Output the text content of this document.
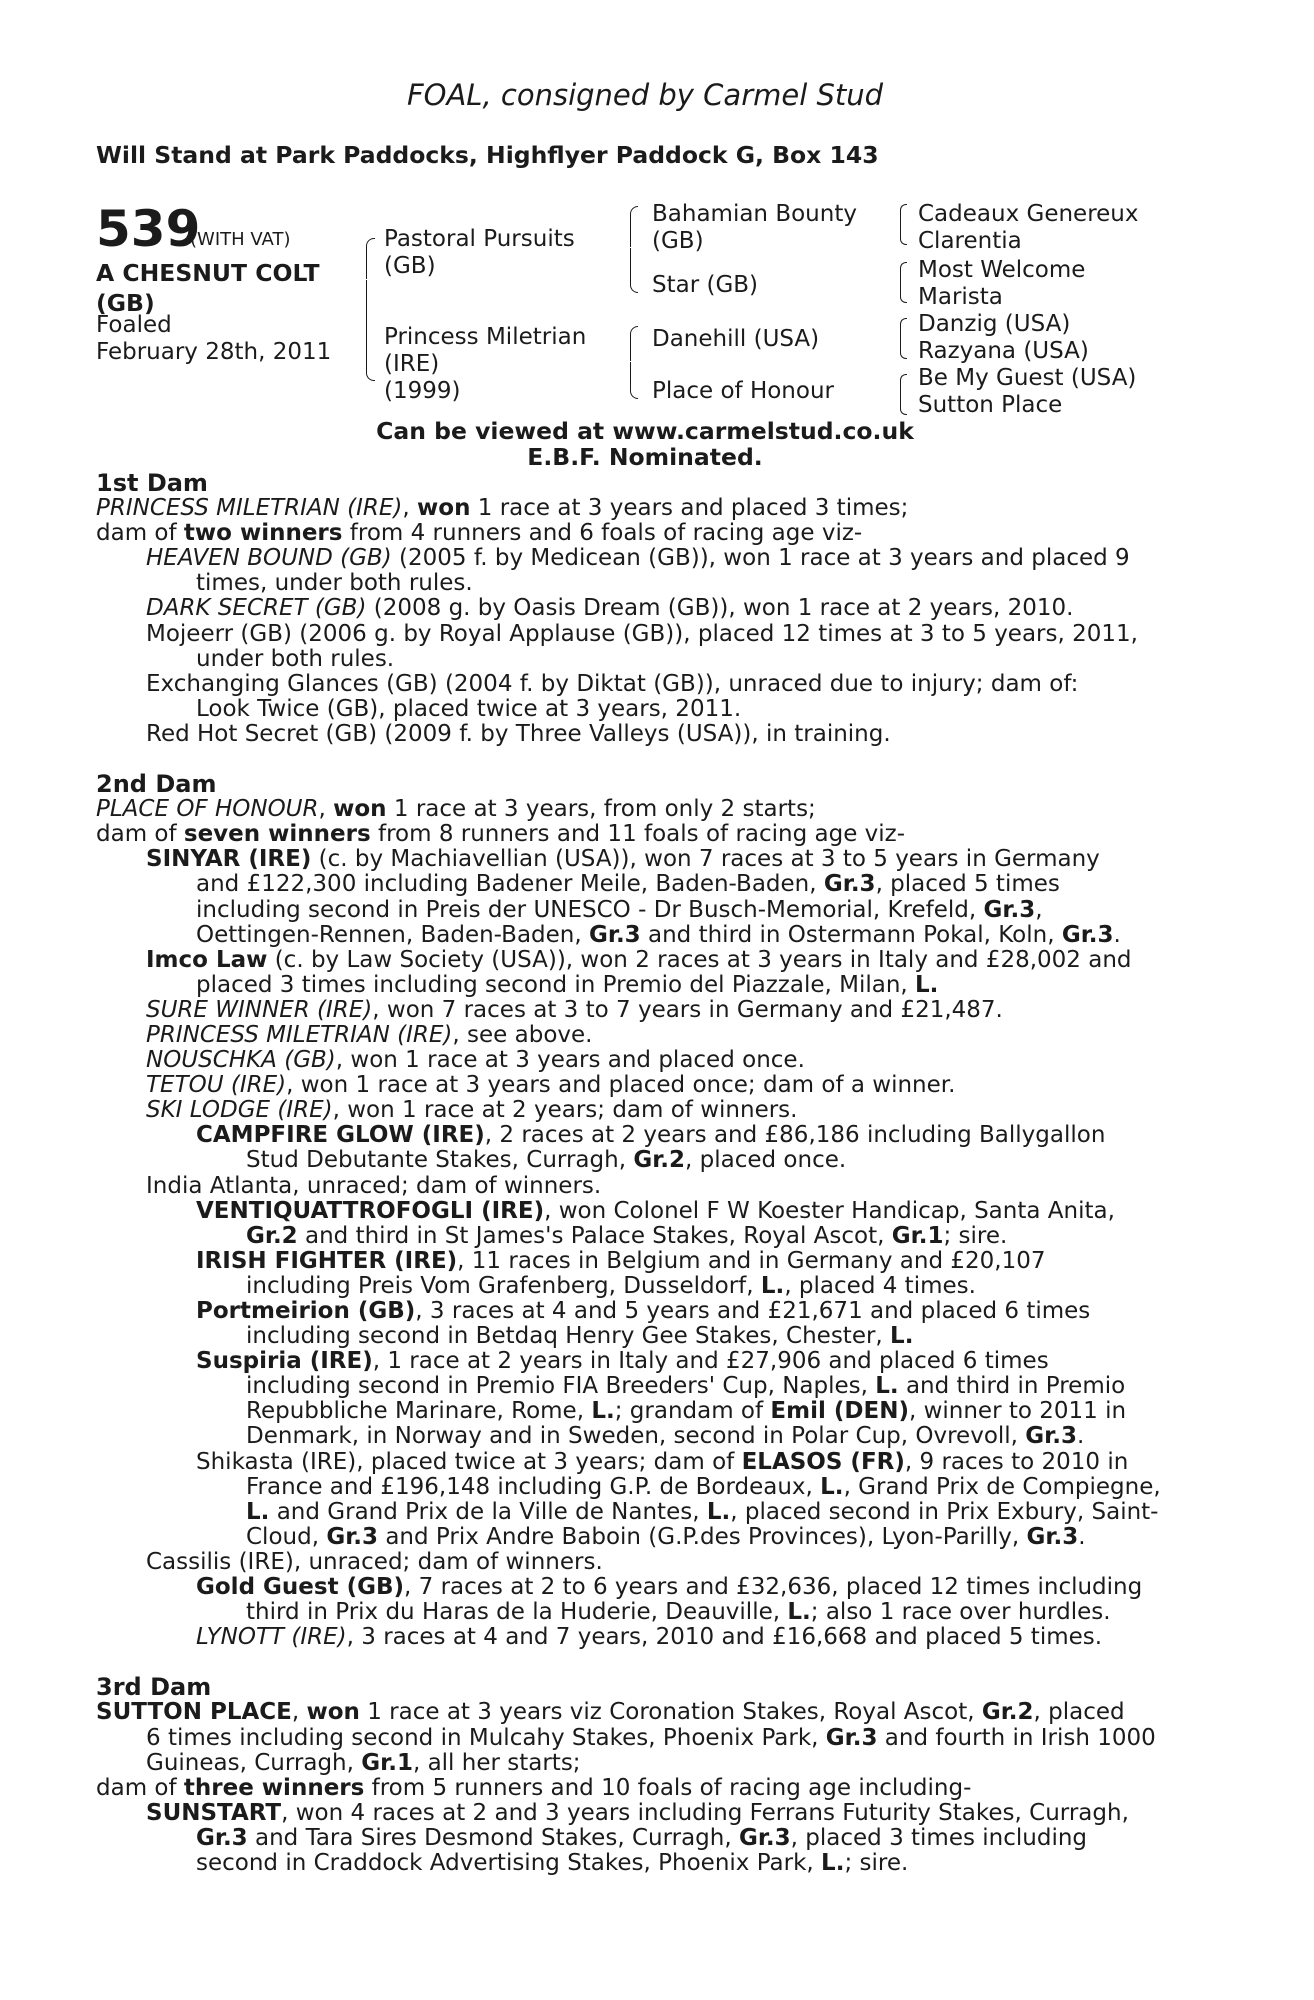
FOAL, consigned by Carmel Stud
Will Stand at Park Paddocks, Highflyer Paddock G, Box 143
539
(WITH VAT)
A CHESNUT COLT
(GB)
Foaled
February 28th, 2011
Pastoral Pursuits
(GB)
Princess Miletrian
(IRE)
(1999)
Bahamian Bounty
(GB)
Star (GB)
Danehill (USA)
Place of Honour
Cadeaux Genereux
Clarentia
Most Welcome
Marista
Danzig (USA)
Razyana (USA)
Be My Guest (USA)
Sutton Place
Can be viewed at www.carmelstud.co.uk
E.B.F. Nominated.
1st Dam
PRINCESS MILETRIAN (IRE), won 1 race at 3 years and placed 3 times;
dam of two winners from 4 runners and 6 foals of racing age viz-
HEAVEN BOUND (GB) (2005 f. by Medicean (GB)), won 1 race at 3 years and placed 9
times, under both rules.
DARK SECRET (GB) (2008 g. by Oasis Dream (GB)), won 1 race at 2 years, 2010.
Mojeerr (GB) (2006 g. by Royal Applause (GB)), placed 12 times at 3 to 5 years, 2011,
under both rules.
Exchanging Glances (GB) (2004 f. by Diktat (GB)), unraced due to injury; dam of:
Look Twice (GB), placed twice at 3 years, 2011.
Red Hot Secret (GB) (2009 f. by Three Valleys (USA)), in training.
2nd Dam
PLACE OF HONOUR, won 1 race at 3 years, from only 2 starts;
dam of seven winners from 8 runners and 11 foals of racing age viz-
SINYAR (IRE) (c. by Machiavellian (USA)), won 7 races at 3 to 5 years in Germany
and £122,300 including Badener Meile, Baden-Baden, Gr.3, placed 5 times
including second in Preis der UNESCO - Dr Busch-Memorial, Krefeld, Gr.3,
Oettingen-Rennen, Baden-Baden, Gr.3 and third in Ostermann Pokal, Koln, Gr.3.
Imco Law (c. by Law Society (USA)), won 2 races at 3 years in Italy and £28,002 and
placed 3 times including second in Premio del Piazzale, Milan, L.
SURE WINNER (IRE), won 7 races at 3 to 7 years in Germany and £21,487.
PRINCESS MILETRIAN (IRE), see above.
NOUSCHKA (GB), won 1 race at 3 years and placed once.
TETOU (IRE), won 1 race at 3 years and placed once; dam of a winner.
SKI LODGE (IRE), won 1 race at 2 years; dam of winners.
CAMPFIRE GLOW (IRE), 2 races at 2 years and £86,186 including Ballygallon
Stud Debutante Stakes, Curragh, Gr.2, placed once.
India Atlanta, unraced; dam of winners.
VENTIQUATTROFOGLI (IRE), won Colonel F W Koester Handicap, Santa Anita,
Gr.2 and third in St James's Palace Stakes, Royal Ascot, Gr.1; sire.
IRISH FIGHTER (IRE), 11 races in Belgium and in Germany and £20,107
including Preis Vom Grafenberg, Dusseldorf, L., placed 4 times.
Portmeirion (GB), 3 races at 4 and 5 years and £21,671 and placed 6 times
including second in Betdaq Henry Gee Stakes, Chester, L.
Suspiria (IRE), 1 race at 2 years in Italy and £27,906 and placed 6 times
including second in Premio FIA Breeders' Cup, Naples, L. and third in Premio
Repubbliche Marinare, Rome, L.; grandam of Emil (DEN), winner to 2011 in
Denmark, in Norway and in Sweden, second in Polar Cup, Ovrevoll, Gr.3.
Shikasta (IRE), placed twice at 3 years; dam of ELASOS (FR), 9 races to 2010 in
France and £196,148 including G.P. de Bordeaux, L., Grand Prix de Compiegne,
L. and Grand Prix de la Ville de Nantes, L., placed second in Prix Exbury, Saint-
Cloud, Gr.3 and Prix Andre Baboin (G.P.des Provinces), Lyon-Parilly, Gr.3.
Cassilis (IRE), unraced; dam of winners.
Gold Guest (GB), 7 races at 2 to 6 years and £32,636, placed 12 times including
third in Prix du Haras de la Huderie, Deauville, L.; also 1 race over hurdles.
LYNOTT (IRE), 3 races at 4 and 7 years, 2010 and £16,668 and placed 5 times.
3rd Dam
SUTTON PLACE, won 1 race at 3 years viz Coronation Stakes, Royal Ascot, Gr.2, placed
6 times including second in Mulcahy Stakes, Phoenix Park, Gr.3 and fourth in Irish 1000
Guineas, Curragh, Gr.1, all her starts;
dam of three winners from 5 runners and 10 foals of racing age including-
SUNSTART, won 4 races at 2 and 3 years including Ferrans Futurity Stakes, Curragh,
Gr.3 and Tara Sires Desmond Stakes, Curragh, Gr.3, placed 3 times including
second in Craddock Advertising Stakes, Phoenix Park, L.; sire.
